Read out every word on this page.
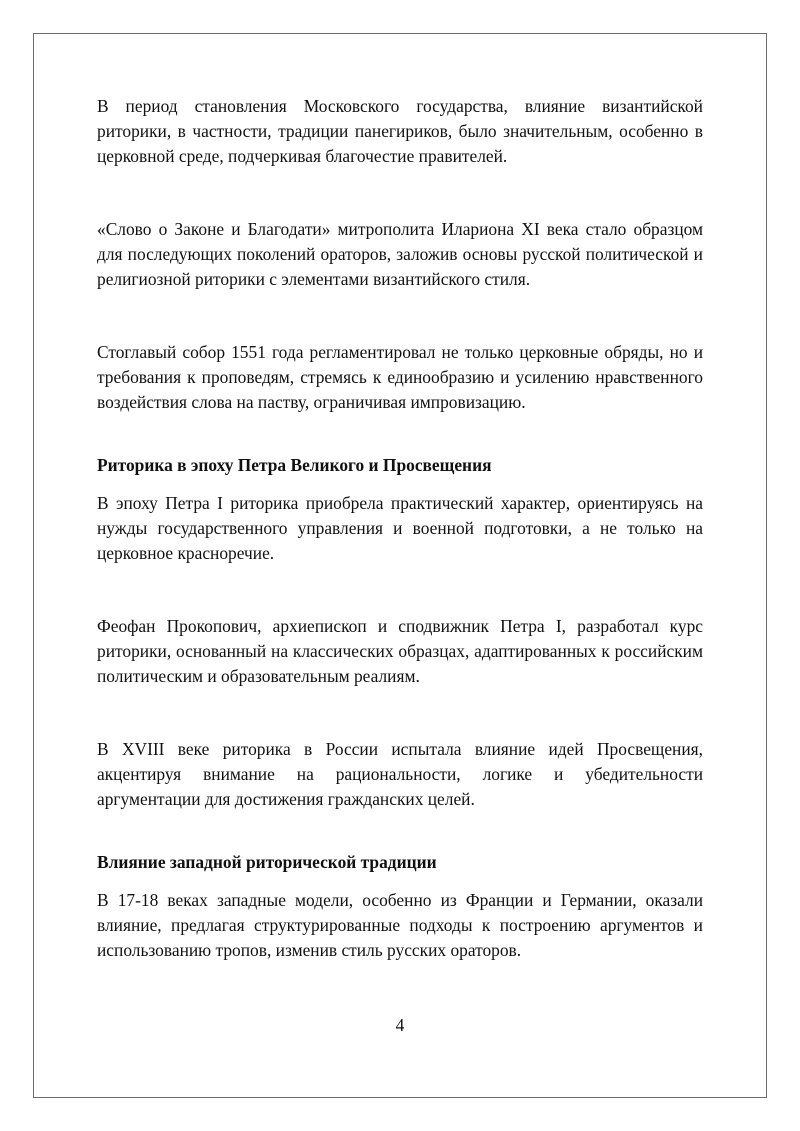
В период становления Московского государства, влияние византийской риторики, в частности, традиции панегириков, было значительным, особенно в церковной среде, подчеркивая благочестие правителей.

«Слово о Законе и Благодати» митрополита Илариона XI века стало образцом для последующих поколений ораторов, заложив основы русской политической и религиозной риторики с элементами византийского стиля.

Стоглавый собор 1551 года регламентировал не только церковные обряды, но и требования к проповедям, стремясь к единообразию и усилению нравственного воздействия слова на паству, ограничивая импровизацию.

Риторика в эпоху Петра Великого и Просвещения

В эпоху Петра I риторика приобрела практический характер, ориентируясь на нужды государственного управления и военной подготовки, а не только на церковное красноречие.

Феофан Прокопович, архиепископ и сподвижник Петра I, разработал курс риторики, основанный на классических образцах, адаптированных к российским политическим и образовательным реалиям.

В XVIII веке риторика в России испытала влияние идей Просвещения, акцентируя внимание на рациональности, логике и убедительности аргументации для достижения гражданских целей.

Влияние западной риторической традиции

В 17-18 веках западные модели, особенно из Франции и Германии, оказали влияние, предлагая структурированные подходы к построению аргументов и использованию тропов, изменив стиль русских ораторов.

4
